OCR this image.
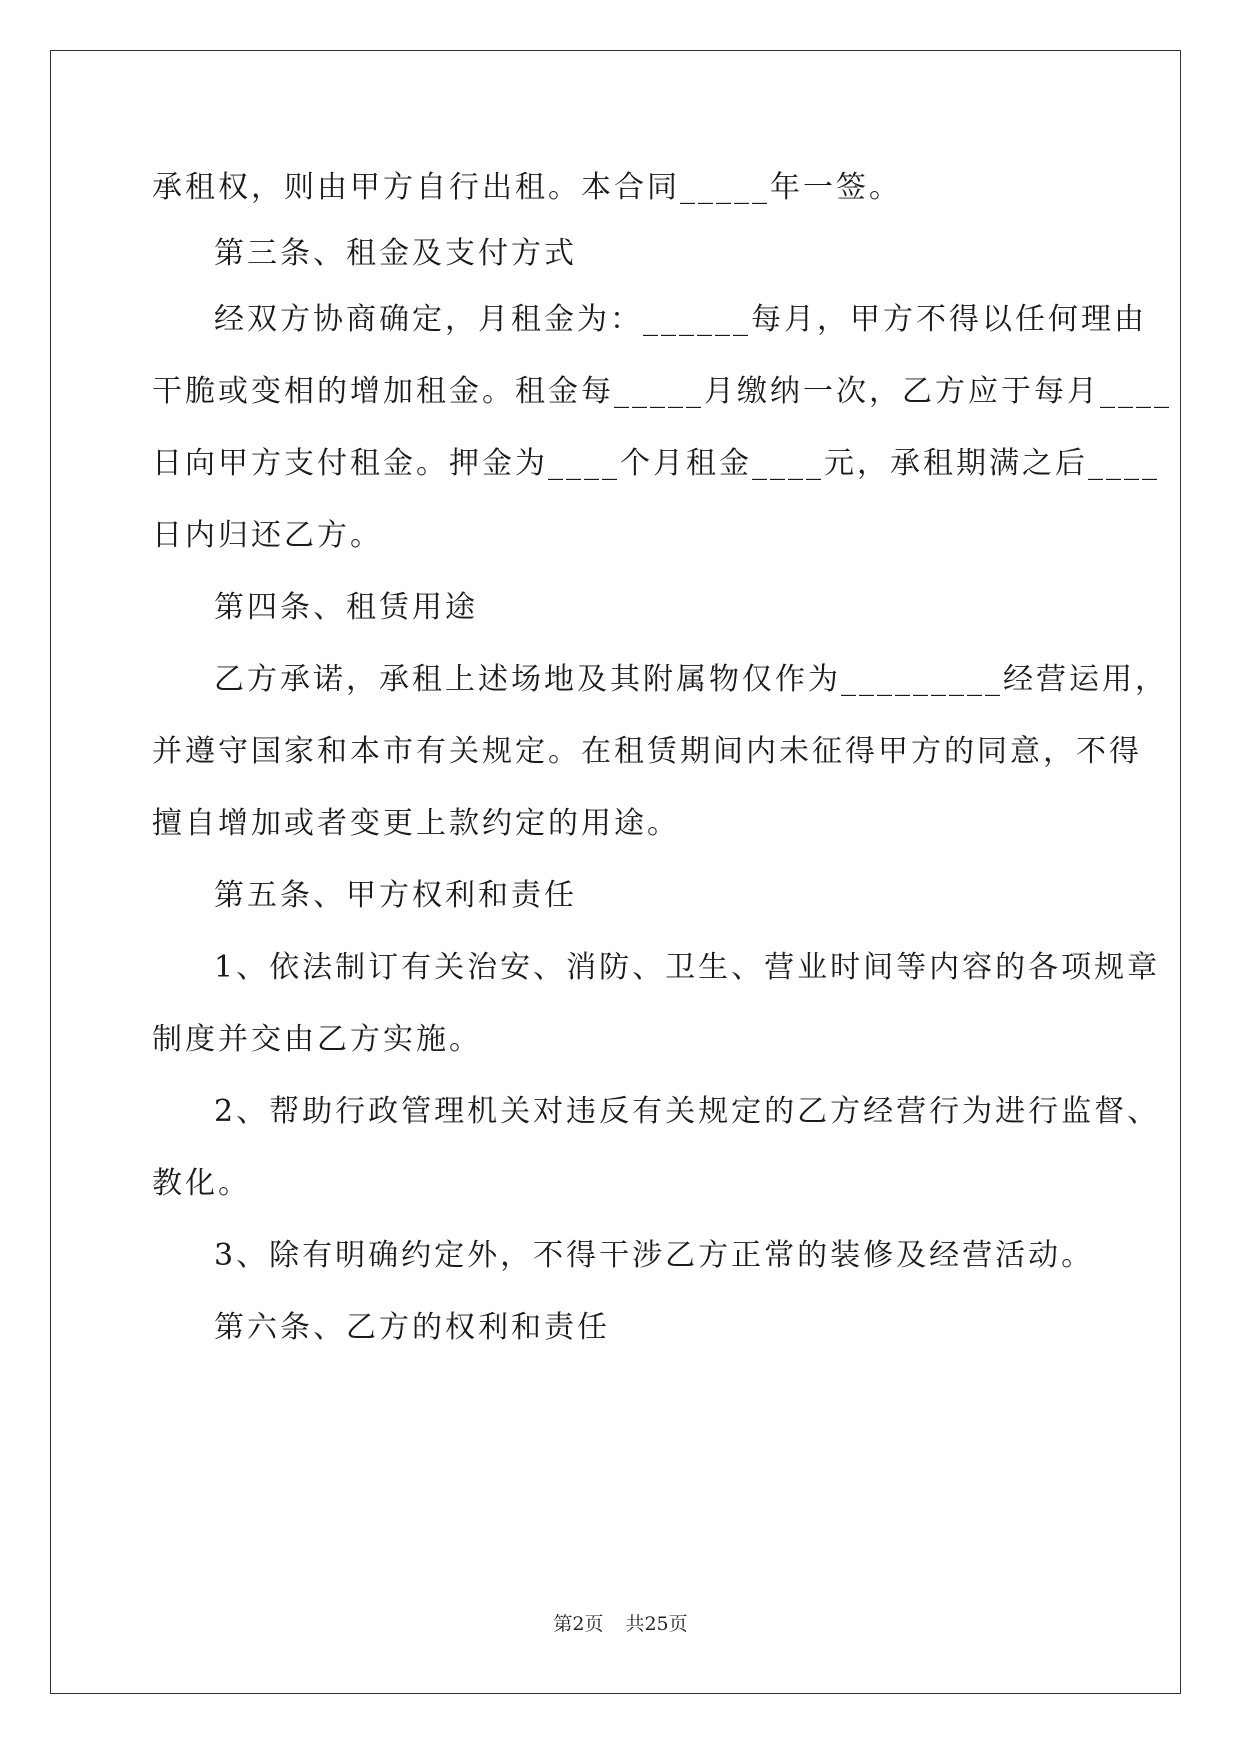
承租权，则由甲方自行出租。本合同_____年一签。
第三条、租金及支付方式
经双方协商确定，月租金为：______每月，甲方不得以任何理由
干脆或变相的增加租金。租金每_____月缴纳一次，乙方应于每月____
日向甲方支付租金。押金为____个月租金____元，承租期满之后____
日内归还乙方。
第四条、租赁用途
乙方承诺，承租上述场地及其附属物仅作为_________经营运用，
并遵守国家和本市有关规定。在租赁期间内未征得甲方的同意，不得
擅自增加或者变更上款约定的用途。
第五条、甲方权利和责任
1、依法制订有关治安、消防、卫生、营业时间等内容的各项规章
制度并交由乙方实施。
2、帮助行政管理机关对违反有关规定的乙方经营行为进行监督、
教化。
3、除有明确约定外，不得干涉乙方正常的装修及经营活动。
第六条、乙方的权利和责任
第2页 共25页
